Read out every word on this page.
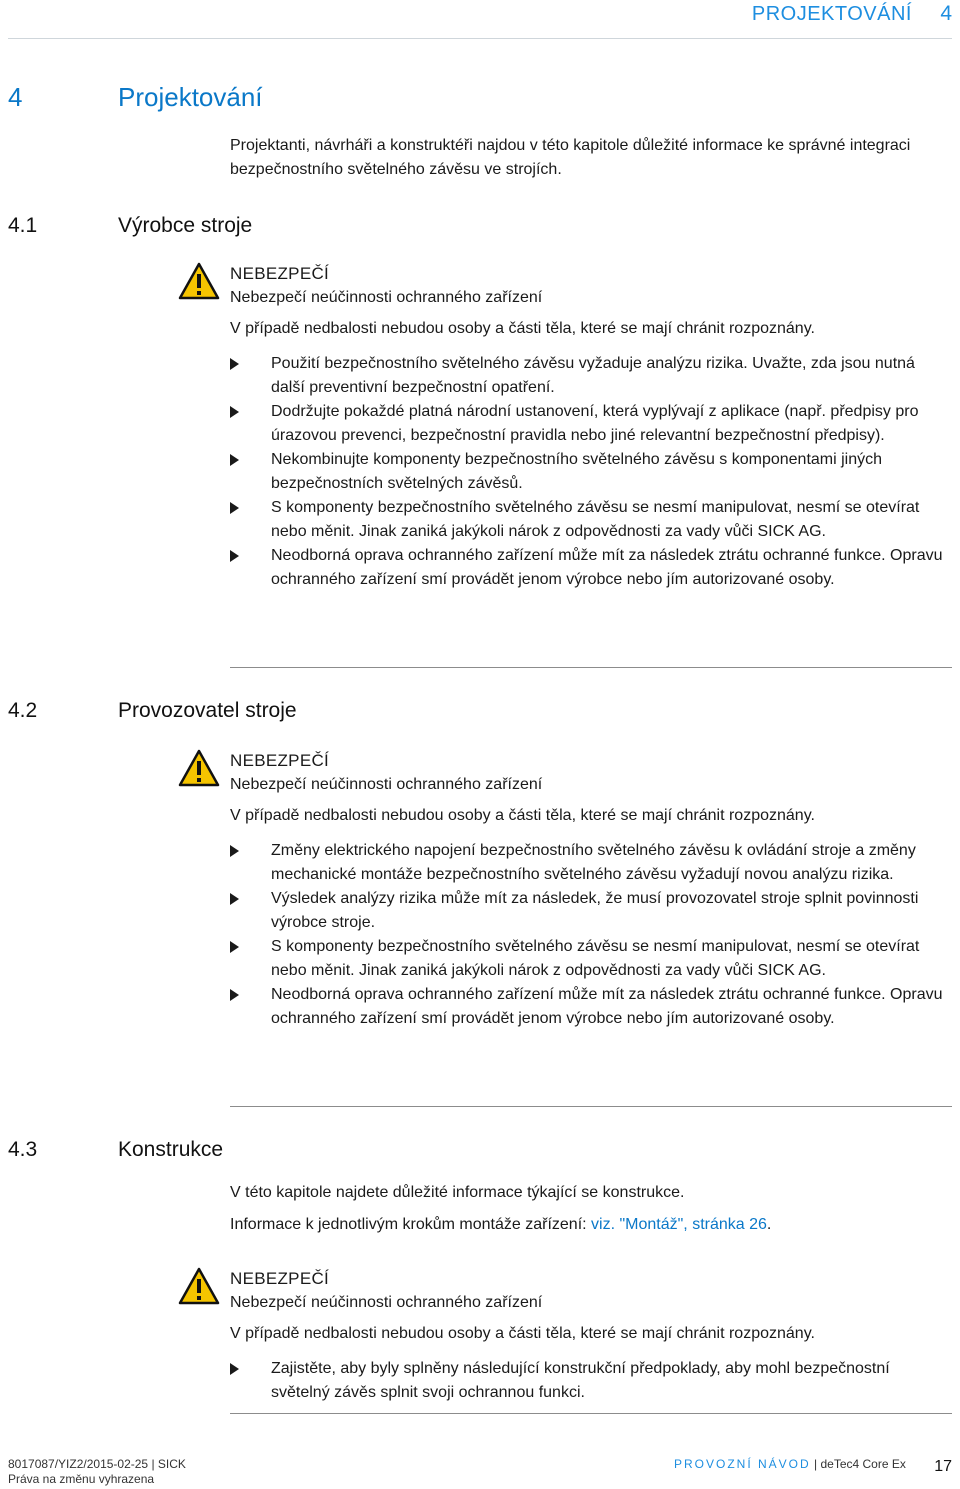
PROJEKTOVÁNÍ 4
4	Projektování
Projektanti, návrháři a konstruktéři najdou v této kapitole důležité informace ke správné integraci bezpečnostního světelného závěsu ve strojích.
4.1	Výrobce stroje
NEBEZPEČÍ
Nebezpečí neúčinnosti ochranného zařízení
V případě nedbalosti nebudou osoby a části těla, které se mají chránit rozpoznány.
Použití bezpečnostního světelného závěsu vyžaduje analýzu rizika. Uvažte, zda jsou nutná další preventivní bezpečnostní opatření.
Dodržujte pokaždé platná národní ustanovení, která vyplývají z aplikace (např. předpisy pro úrazovou prevenci, bezpečnostní pravidla nebo jiné relevantní bezpečnostní předpisy).
Nekombinujte komponenty bezpečnostního světelného závěsu s komponentami jiných bezpečnostních světelných závěsů.
S komponenty bezpečnostního světelného závěsu se nesmí manipulovat, nesmí se otevírat nebo měnit. Jinak zaniká jakýkoli nárok z odpovědnosti za vady vůči SICK AG.
Neodborná oprava ochranného zařízení může mít za následek ztrátu ochranné funkce. Opravu ochranného zařízení smí provádět jenom výrobce nebo jím autorizované osoby.
4.2	Provozovatel stroje
NEBEZPEČÍ
Nebezpečí neúčinnosti ochranného zařízení
V případě nedbalosti nebudou osoby a části těla, které se mají chránit rozpoznány.
Změny elektrického napojení bezpečnostního světelného závěsu k ovládání stroje a změny mechanické montáže bezpečnostního světelného závěsu vyžadují novou analýzu rizika.
Výsledek analýzy rizika může mít za následek, že musí provozovatel stroje splnit povinnosti výrobce stroje.
S komponenty bezpečnostního světelného závěsu se nesmí manipulovat, nesmí se otevírat nebo měnit. Jinak zaniká jakýkoli nárok z odpovědnosti za vady vůči SICK AG.
Neodborná oprava ochranného zařízení může mít za následek ztrátu ochranné funkce. Opravu ochranného zařízení smí provádět jenom výrobce nebo jím autorizované osoby.
4.3	Konstrukce
V této kapitole najdete důležité informace týkající se konstrukce.
Informace k jednotlivým krokům montáže zařízení: viz. "Montáž", stránka 26.
NEBEZPEČÍ
Nebezpečí neúčinnosti ochranného zařízení
V případě nedbalosti nebudou osoby a části těla, které se mají chránit rozpoznány.
Zajistěte, aby byly splněny následující konstrukční předpoklady, aby mohl bezpečnostní světelný závěs splnit svoji ochrannou funkci.
8017087/YIZ2/2015-02-25 | SICK
Práva na změnu vyhrazena
PROVOZNÍ NÁVOD | deTec4 Core Ex 17
